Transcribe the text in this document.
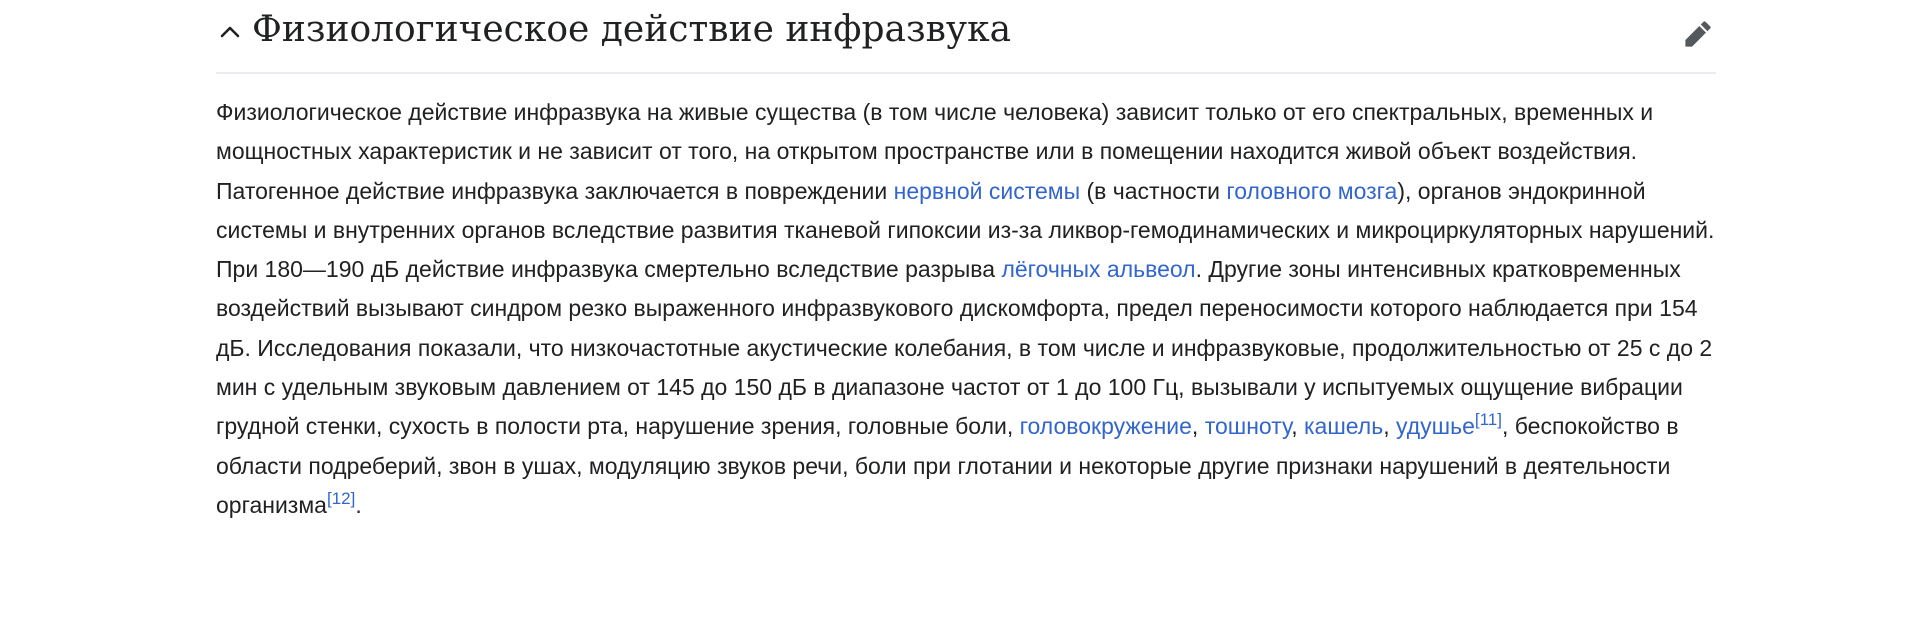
Физиологическое действие инфразвука

Физиологическое действие инфразвука на живые существа (в том числе человека) зависит только от его спектральных, временных и мощностных характеристик и не зависит от того, на открытом пространстве или в помещении находится живой объект воздействия.

Патогенное действие инфразвука заключается в повреждении нервной системы (в частности головного мозга), органов эндокринной системы и внутренних органов вследствие развития тканевой гипоксии из-за ликвор-гемодинамических и микроциркуляторных нарушений.

При 180—190 дБ действие инфразвука смертельно вследствие разрыва лёгочных альвеол. Другие зоны интенсивных кратковременных воздействий вызывают синдром резко выраженного инфразвукового дискомфорта, предел переносимости которого наблюдается при 154 дБ. Исследования показали, что низкочастотные акустические колебания, в том числе и инфразвуковые, продолжительностью от 25 с до 2 мин с удельным звуковым давлением от 145 до 150 дБ в диапазоне частот от 1 до 100 Гц, вызывали у испытуемых ощущение вибрации грудной стенки, сухость в полости рта, нарушение зрения, головные боли, головокружение, тошноту, кашель, удушье[11], беспокойство в области подреберий, звон в ушах, модуляцию звуков речи, боли при глотании и некоторые другие признаки нарушений в деятельности организма[12].
